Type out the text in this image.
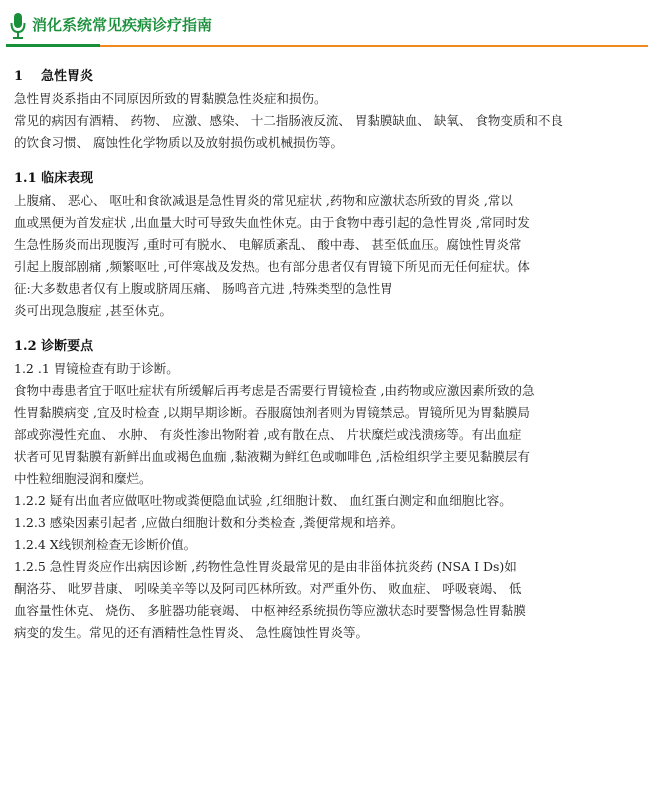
消化系统常见疾病诊疗指南
1 急性胃炎
急性胃炎系指由不同原因所致的胃黏膜急性炎症和损伤。
常见的病因有酒精、 药物、 应激、感染、 十二指肠液反流、 胃黏膜缺血、 缺氧、 食物变质和不良
的饮食习惯、 腐蚀性化学物质以及放射损伤或机械损伤等。
1.1 临床表现
上腹痛、 恶心、 呕吐和食欲减退是急性胃炎的常见症状 ,药物和应激状态所致的胃炎 ,常以
血或黑便为首发症状 ,出血量大时可导致失血性休克。由于食物中毒引起的急性胃炎 ,常同时发
生急性肠炎而出现腹泻 ,重时可有脱水、 电解质紊乱、 酸中毒、 甚至低血压。腐蚀性胃炎常
引起上腹部剧痛 ,频繁呕吐 ,可伴寒战及发热。也有部分患者仅有胃镜下所见而无任何症状。体
征:大多数患者仅有上腹或脐周压痛、 肠鸣音亢进 ,特殊类型的急性胃
炎可出现急腹症 ,甚至休克。
1.2 诊断要点
1.2 .1 胃镜检查有助于诊断。
食物中毒患者宜于呕吐症状有所缓解后再考虑是否需要行胃镜检查 ,由药物或应激因素所致的急
性胃黏膜病变 ,宜及时检查 ,以期早期诊断。吞服腐蚀剂者则为胃镜禁忌。胃镜所见为胃黏膜局
部或弥漫性充血、 水肿、 有炎性渗出物附着 ,或有散在点、 片状糜烂或浅溃疡等。有出血症
状者可见胃黏膜有新鲜出血或褐色血痂 ,黏液糊为鲜红色或咖啡色 ,活检组织学主要见黏膜层有
中性粒细胞浸润和糜烂。
1.2.2 疑有出血者应做呕吐物或粪便隐血试验 ,红细胞计数、 血红蛋白测定和血细胞比容。
1.2.3 感染因素引起者 ,应做白细胞计数和分类检查 ,粪便常规和培养。
1.2.4 X线钡剂检查无诊断价值。
1.2.5 急性胃炎应作出病因诊断 ,药物性急性胃炎最常见的是由非甾体抗炎药 (NSA I Ds)如
酮洛芬、 吡罗昔康、 吲哚美辛等以及阿司匹林所致。对严重外伤、 败血症、 呼吸衰竭、 低
血容量性休克、 烧伤、 多脏器功能衰竭、 中枢神经系统损伤等应激状态时要警惕急性胃黏膜
病变的发生。常见的还有酒精性急性胃炎、 急性腐蚀性胃炎等。
